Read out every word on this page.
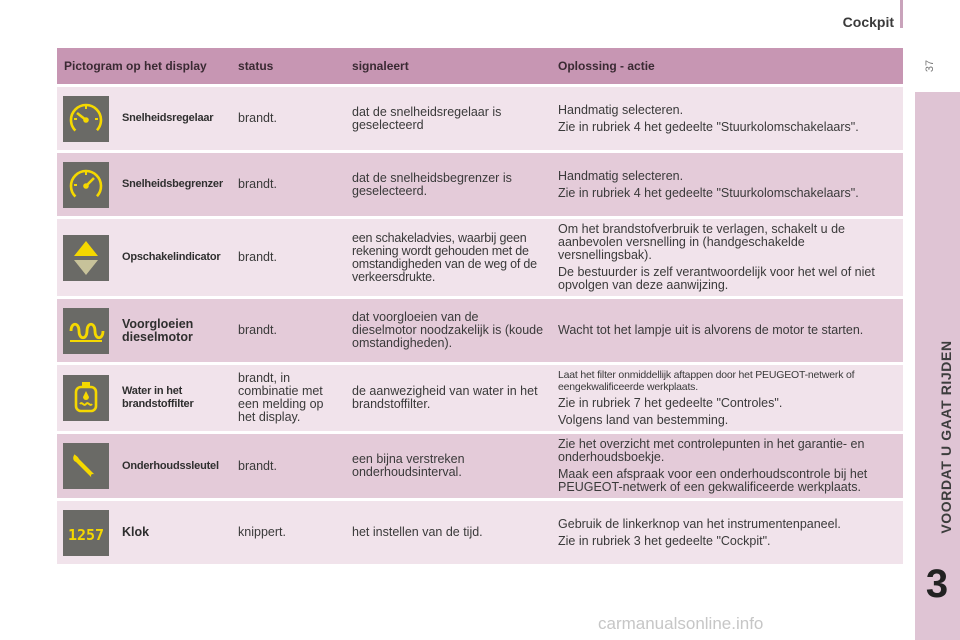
Cockpit
37
VOORDAT U GAAT RIJDEN
3
Pictogram op het display		status	signaleert	Oplossing - actie

	Snelheidsregelaar	brandt.	dat de snelheidsregelaar is geselecteerd	Handmatig selecteren.
Zie in rubriek 4 het gedeelte "Stuurkolomschakelaars".

	Snelheidsbegrenzer	brandt.	dat de snelheidsbegrenzer is geselecteerd.	Handmatig selecteren.
Zie in rubriek 4 het gedeelte "Stuurkolomschakelaars".

	Opschakelindicator	brandt.	een schakeladvies, waarbij geen rekening wordt gehouden met de omstandigheden van de weg of de verkeersdrukte.	Om het brandstofverbruik te verlagen, schakelt u de aanbevolen versnelling in (handgeschakelde versnellingsbak).
De bestuurder is zelf verantwoordelijk voor het wel of niet opvolgen van deze aanwijzing.

	Voorgloeien dieselmotor	brandt.	dat voorgloeien van de dieselmotor noodzakelijk is (koude omstandigheden).	Wacht tot het lampje uit is alvorens de motor te starten.

	Water in het brandstoffilter	brandt, in combinatie met een melding op het display.	de aanwezigheid van water in het brandstoffilter.	Laat het filter onmiddellijk aftappen door het PEUGEOT-netwerk of eengekwalificeerde werkplaats.
Zie in rubriek 7 het gedeelte "Controles".
Volgens land van bestemming.

	Onderhoudssleutel	brandt.	een bijna verstreken onderhoudsinterval.	Zie het overzicht met controlepunten in het garantie- en onderhoudsboekje.
Maak een afspraak voor een onderhoudscontrole bij het PEUGEOT-netwerk of een gekwalificeerde werkplaats.

1257	Klok	knippert.	het instellen van de tijd.	Gebruik de linkerknop van het instrumentenpaneel.
Zie in rubriek 3 het gedeelte "Cockpit".
carmanualsonline.info
